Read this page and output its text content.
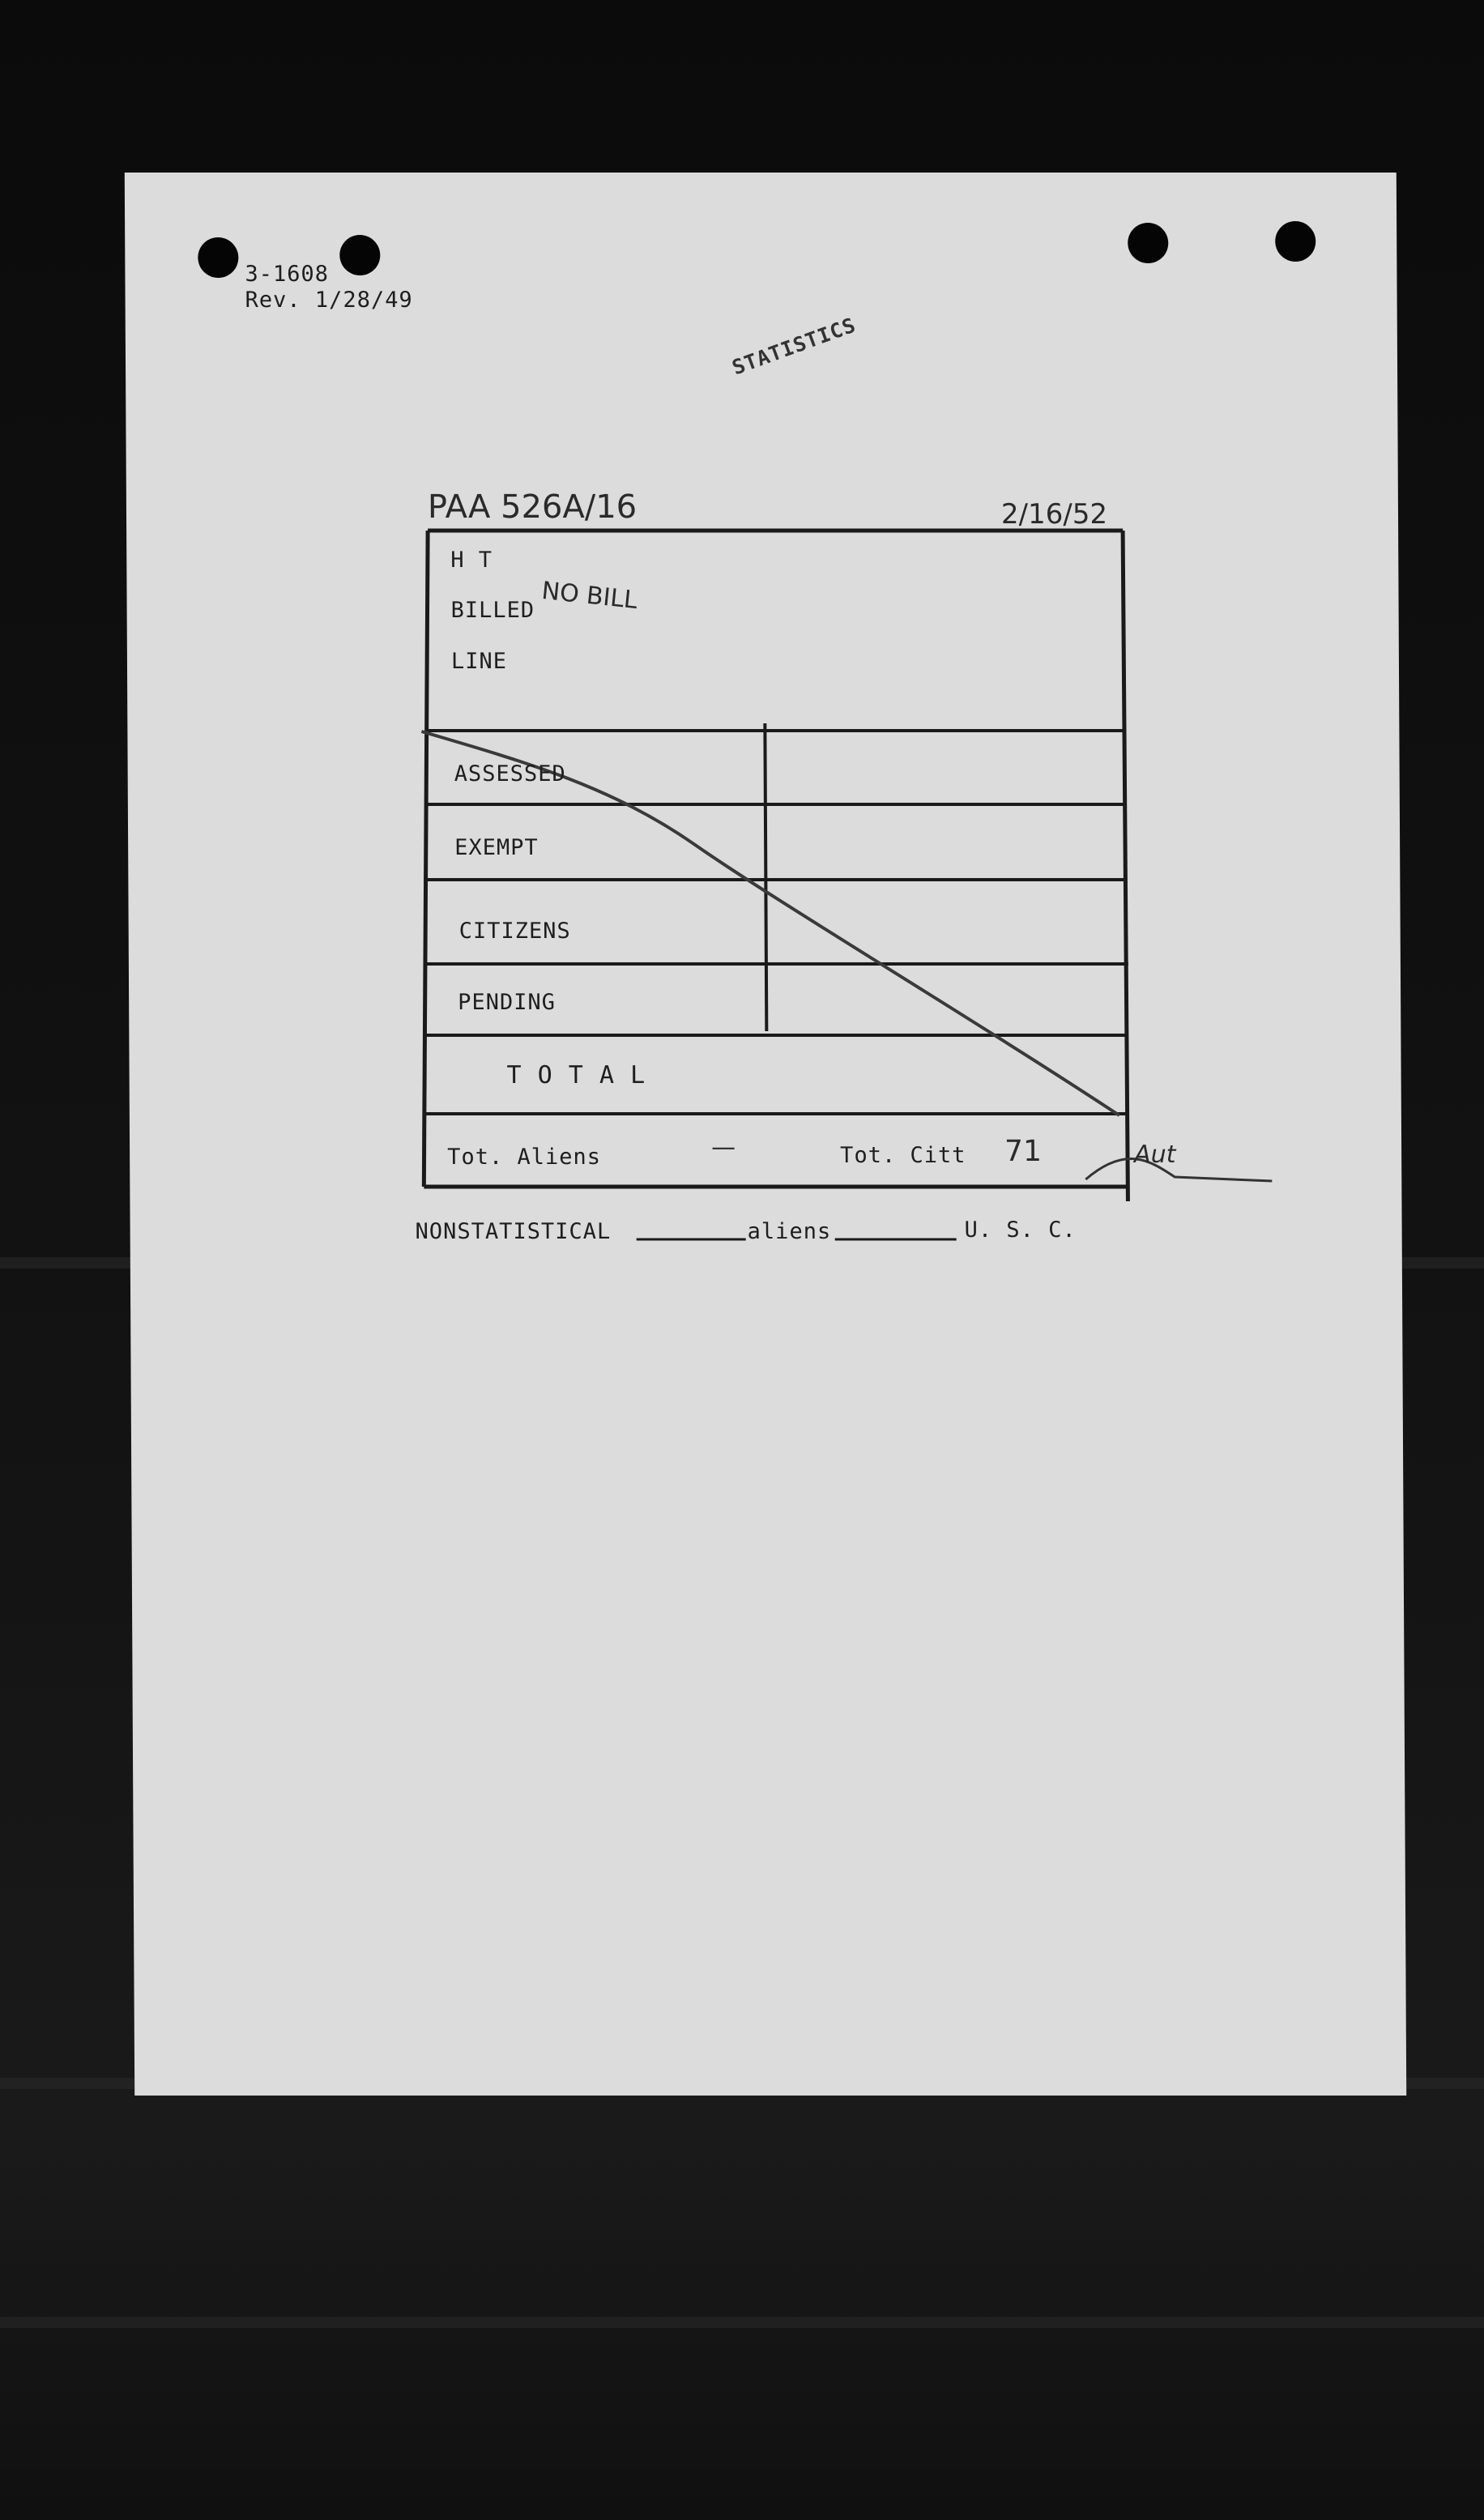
3-1608
Rev. 1/28/49
STATISTICS
PAA 526A/16	2/16/52
H T
BILLED
LINE
NO BILL
ASSESSED
EXEMPT
CITIZENS
PENDING
T O T A L
Tot. Aliens	—	Tot. Citt 71	Aut
NONSTATISTICAL	aliens	U. S. C.
